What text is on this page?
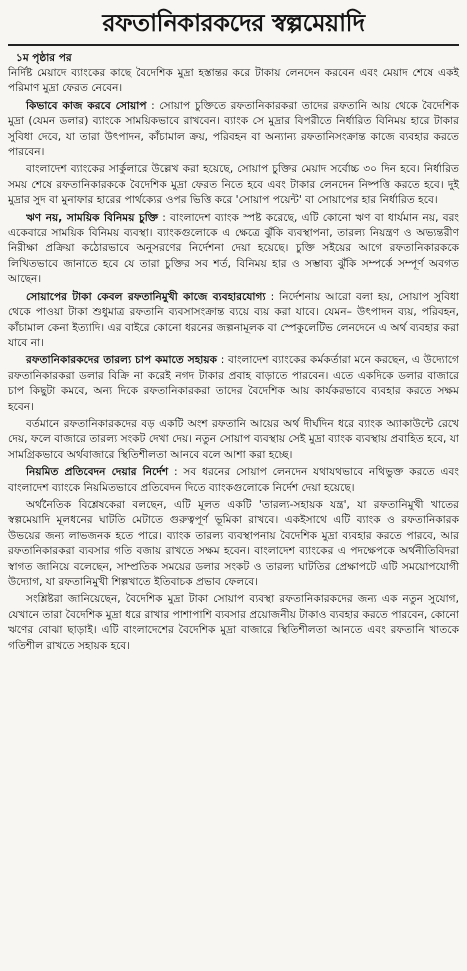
রফতানিকারকদের স্বল্পমেয়াদি
১ম পৃষ্ঠার পর

নির্দিষ্ট মেয়াদে ব্যাংকের কাছে বৈদেশিক মুদ্রা হস্তান্তর করে টাকায় লেনদেন করবেন এবং মেয়াদ শেষে একই পরিমাণ মুদ্রা ফেরত নেবেন।

কিভাবে কাজ করবে সোয়াপ : সোয়াপ চুক্তিতে রফতানিকারকরা তাদের রফতানি আয় থেকে বৈদেশিক মুদ্রা (যেমন ডলার) ব্যাংকে সাময়িকভাবে রাখবেন। ব্যাংক সে মুদ্রার বিপরীতে নির্ধারিত বিনিময় হারে টাকার সুবিধা দেবে, যা তারা উৎপাদন, কাঁচামাল ক্রয়, পরিবহন বা অন্যান্য রফতানিসংক্রান্ত কাজে ব্যবহার করতে পারবেন।

বাংলাদেশ ব্যাংকের সার্কুলারে উল্লেখ করা হয়েছে, সোয়াপ চুক্তির মেয়াদ সর্বোচ্চ ৩০ দিন হবে। নির্ধারিত সময় শেষে রফতানিকারককে বৈদেশিক মুদ্রা ফেরত নিতে হবে এবং টাকার লেনদেন নিষ্পত্তি করতে হবে। দুই মুদ্রার সুদ বা মুনাফার হারের পার্থক্যের ওপর ভিত্তি করে 'সোয়াপ পয়েন্ট' বা সোয়াপের হার নির্ধারিত হবে।

ঋণ নয়, সাময়িক বিনিময় চুক্তি : বাংলাদেশ ব্যাংক স্পষ্ট করেছে, এটি কোনো ঋণ বা ধার্যমান নয়, বরং একেবারে সাময়িক বিনিময় ব্যবস্থা। ব্যাংকগুলোকে এ ক্ষেত্রে ঝুঁকি ব্যবস্থাপনা, তারল্য নিয়ন্ত্রণ ও অভ্যন্তরীণ নিরীক্ষা প্রক্রিয়া কঠোরভাবে অনুসরণের নির্দেশনা দেয়া হয়েছে। চুক্তি সইয়ের আগে রফতানিকারককে লিখিতভাবে জানাতে হবে যে তারা চুক্তির সব শর্ত, বিনিময় হার ও সম্ভাব্য ঝুঁকি সম্পর্কে সম্পূর্ণ অবগত আছেন।

সোয়াপের টাকা কেবল রফতানিমুখী কাজে ব্যবহারযোগ্য : নির্দেশনায় আরো বলা হয়, সোয়াপ সুবিধা থেকে পাওয়া টাকা শুধুমাত্র রফতানি ব্যবসাসংক্রান্ত ব্যয়ে ব্যয় করা যাবে। যেমন– উৎপাদন ব্যয়, পরিবহন, কাঁচামাল কেনা ইত্যাদি। এর বাইরে কোনো ধরনের জল্পনামূলক বা স্পেকুলেটিভ লেনদেনে এ অর্থ ব্যবহার করা যাবে না।

রফতানিকারকদের তারল্য চাপ কমাতে সহায়ক : বাংলাদেশ ব্যাংকের কর্মকর্তারা মনে করছেন, এ উদ্যোগে রফতানিকারকরা ডলার বিক্রি না করেই নগদ টাকার প্রবাহ বাড়াতে পারবেন। এতে একদিকে ডলার বাজারে চাপ কিছুটা কমবে, অন্য দিকে রফতানিকারকরা তাদের বৈদেশিক আয় কার্যকরভাবে ব্যবহার করতে সক্ষম হবেন।

বর্তমানে রফতানিকারকদের বড় একটি অংশ রফতানি আয়ের অর্থ দীর্ঘদিন ধরে ব্যাংক অ্যাকাউন্টে রেখে দেয়, ফলে বাজারে তারল্য সংকট দেখা দেয়। নতুন সোয়াপ ব্যবস্থায় সেই মুদ্রা ব্যাংক ব্যবস্থায় প্রবাহিত হবে, যা সামগ্রিকভাবে অর্থবাজারে স্থিতিশীলতা আনবে বলে আশা করা হচ্ছে।

নিয়মিত প্রতিবেদন দেয়ার নির্দেশ : সব ধরনের সোয়াপ লেনদেন যথাযথভাবে নথিভুক্ত করতে এবং বাংলাদেশ ব্যাংকে নিয়মিতভাবে প্রতিবেদন দিতে ব্যাংকগুলোকে নির্দেশ দেয়া হয়েছে।

অর্থনৈতিক বিশ্লেষকেরা বলছেন, এটি মূলত একটি 'তারল্য-সহায়ক যন্ত্র', যা রফতানিমুখী খাতের স্বল্পমেয়াদি মূলধনের ঘাটতি মেটাতে গুরুত্বপূর্ণ ভূমিকা রাখবে। একইসাথে এটি ব্যাংক ও রফতানিকারক উভয়ের জন্য লাভজনক হতে পারে। ব্যাংক তারল্য ব্যবস্থাপনায় বৈদেশিক মুদ্রা ব্যবহার করতে পারবে, আর রফতানিকারকরা ব্যবসার গতি বজায় রাখতে সক্ষম হবেন। বাংলাদেশ ব্যাংকের এ পদক্ষেপকে অর্থনীতিবিদরা স্বাগত জানিয়ে বলেছেন, সাম্প্রতিক সময়ের ডলার সংকট ও তারল্য ঘাটতির প্রেক্ষাপটে এটি সময়োপযোগী উদ্যোগ, যা রফতানিমুখী শিল্পখাতে ইতিবাচক প্রভাব ফেলবে।

সংশ্লিষ্টরা জানিয়েছেন, বৈদেশিক মুদ্রা টাকা সোয়াপ ব্যবস্থা রফতানিকারকদের জন্য এক নতুন সুযোগ, যেখানে তারা বৈদেশিক মুদ্রা ধরে রাখার পাশাপাশি ব্যবসার প্রয়োজনীয় টাকাও ব্যবহার করতে পারবেন, কোনো ঋণের বোঝা ছাড়াই। এটি বাংলাদেশের বৈদেশিক মুদ্রা বাজারে স্থিতিশীলতা আনতে এবং রফতানি খাতকে গতিশীল রাখতে সহায়ক হবে।
